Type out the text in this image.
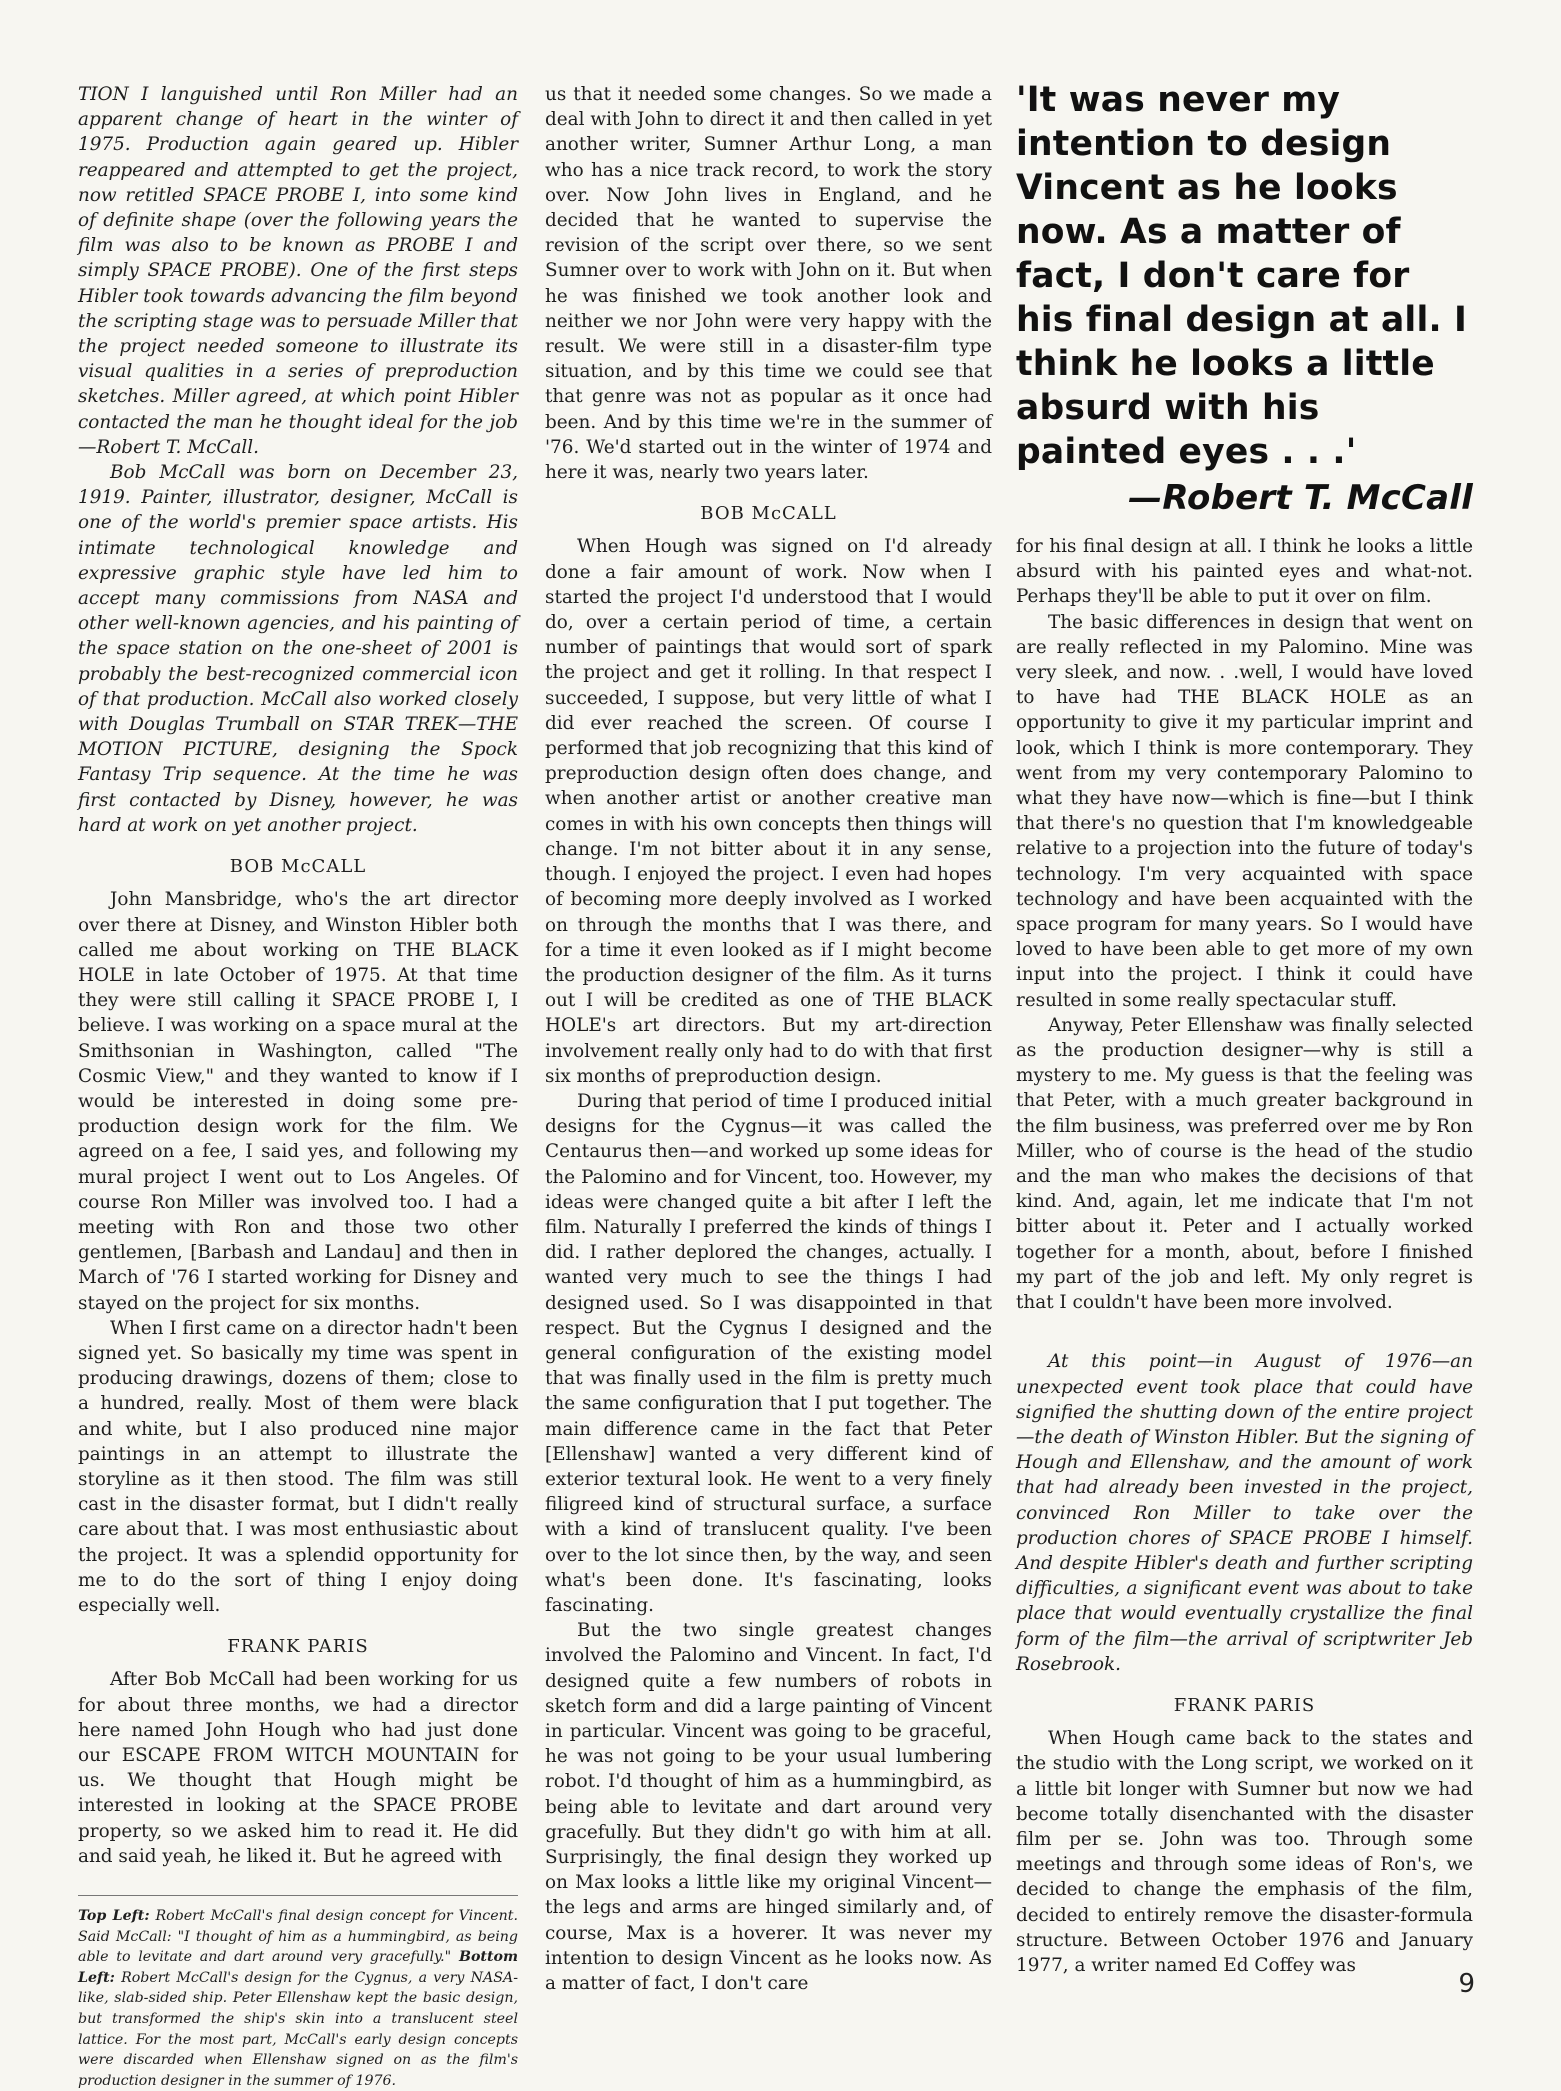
TION I languished until Ron Miller had an apparent change of heart in the winter of 1975. Production again geared up. Hibler reappeared and attempted to get the project, now retitled SPACE PROBE I, into some kind of definite shape (over the following years the film was also to be known as PROBE I and simply SPACE PROBE). One of the first steps Hibler took towards advancing the film beyond the scripting stage was to persuade Miller that the project needed someone to illustrate its visual qualities in a series of preproduction sketches. Miller agreed, at which point Hibler contacted the man he thought ideal for the job—Robert T. McCall.

Bob McCall was born on December 23, 1919. Painter, illustrator, designer, McCall is one of the world's premier space artists. His intimate technological knowledge and expressive graphic style have led him to accept many commissions from NASA and other well-known agencies, and his painting of the space station on the one-sheet of 2001 is probably the best-recognized commercial icon of that production. McCall also worked closely with Douglas Trumball on STAR TREK—THE MOTION PICTURE, designing the Spock Fantasy Trip sequence. At the time he was first contacted by Disney, however, he was hard at work on yet another project.

BOB McCALL

John Mansbridge, who's the art director over there at Disney, and Winston Hibler both called me about working on THE BLACK HOLE in late October of 1975. At that time they were still calling it SPACE PROBE I, I believe. I was working on a space mural at the Smithsonian in Washington, called "The Cosmic View," and they wanted to know if I would be interested in doing some pre-production design work for the film. We agreed on a fee, I said yes, and following my mural project I went out to Los Angeles. Of course Ron Miller was involved too. I had a meeting with Ron and those two other gentlemen, [Barbash and Landau] and then in March of '76 I started working for Disney and stayed on the project for six months.

When I first came on a director hadn't been signed yet. So basically my time was spent in producing drawings, dozens of them; close to a hundred, really. Most of them were black and white, but I also produced nine major paintings in an attempt to illustrate the storyline as it then stood. The film was still cast in the disaster format, but I didn't really care about that. I was most enthusiastic about the project. It was a splendid opportunity for me to do the sort of thing I enjoy doing especially well.

FRANK PARIS

After Bob McCall had been working for us for about three months, we had a director here named John Hough who had just done our ESCAPE FROM WITCH MOUNTAIN for us. We thought that Hough might be interested in looking at the SPACE PROBE property, so we asked him to read it. He did and said yeah, he liked it. But he agreed with

Top Left: Robert McCall's final design concept for Vincent. Said McCall: "I thought of him as a hummingbird, as being able to levitate and dart around very gracefully." Bottom Left: Robert McCall's design for the Cygnus, a very NASA-like, slab-sided ship. Peter Ellenshaw kept the basic design, but transformed the ship's skin into a translucent steel lattice. For the most part, McCall's early design concepts were discarded when Ellenshaw signed on as the film's production designer in the summer of 1976.

us that it needed some changes. So we made a deal with John to direct it and then called in yet another writer, Sumner Arthur Long, a man who has a nice track record, to work the story over. Now John lives in England, and he decided that he wanted to supervise the revision of the script over there, so we sent Sumner over to work with John on it. But when he was finished we took another look and neither we nor John were very happy with the result. We were still in a disaster-film type situation, and by this time we could see that that genre was not as popular as it once had been. And by this time we're in the summer of '76. We'd started out in the winter of 1974 and here it was, nearly two years later.

BOB McCALL

When Hough was signed on I'd already done a fair amount of work. Now when I started the project I'd understood that I would do, over a certain period of time, a certain number of paintings that would sort of spark the project and get it rolling. In that respect I succeeded, I suppose, but very little of what I did ever reached the screen. Of course I performed that job recognizing that this kind of preproduction design often does change, and when another artist or another creative man comes in with his own concepts then things will change. I'm not bitter about it in any sense, though. I enjoyed the project. I even had hopes of becoming more deeply involved as I worked on through the months that I was there, and for a time it even looked as if I might become the production designer of the film. As it turns out I will be credited as one of THE BLACK HOLE's art directors. But my art-direction involvement really only had to do with that first six months of preproduction design.

During that period of time I produced initial designs for the Cygnus—it was called the Centaurus then—and worked up some ideas for the Palomino and for Vincent, too. However, my ideas were changed quite a bit after I left the film. Naturally I preferred the kinds of things I did. I rather deplored the changes, actually. I wanted very much to see the things I had designed used. So I was disappointed in that respect. But the Cygnus I designed and the general configuration of the existing model that was finally used in the film is pretty much the same configuration that I put together. The main difference came in the fact that Peter [Ellenshaw] wanted a very different kind of exterior textural look. He went to a very finely filigreed kind of structural surface, a surface with a kind of translucent quality. I've been over to the lot since then, by the way, and seen what's been done. It's fascinating, looks fascinating.

But the two single greatest changes involved the Palomino and Vincent. In fact, I'd designed quite a few numbers of robots in sketch form and did a large painting of Vincent in particular. Vincent was going to be graceful, he was not going to be your usual lumbering robot. I'd thought of him as a hummingbird, as being able to levitate and dart around very gracefully. But they didn't go with him at all. Surprisingly, the final design they worked up on Max looks a little like my original Vincent—the legs and arms are hinged similarly and, of course, Max is a hoverer. It was never my intention to design Vincent as he looks now. As a matter of fact, I don't care

'It was never my intention to design Vincent as he looks now. As a matter of fact, I don't care for his final design at all. I think he looks a little absurd with his painted eyes . . .'
—Robert T. McCall

for his final design at all. I think he looks a little absurd with his painted eyes and what-not. Perhaps they'll be able to put it over on film.

The basic differences in design that went on are really reflected in my Palomino. Mine was very sleek, and now. . .well, I would have loved to have had THE BLACK HOLE as an opportunity to give it my particular imprint and look, which I think is more contemporary. They went from my very contemporary Palomino to what they have now—which is fine—but I think that there's no question that I'm knowledgeable relative to a projection into the future of today's technology. I'm very acquainted with space technology and have been acquainted with the space program for many years. So I would have loved to have been able to get more of my own input into the project. I think it could have resulted in some really spectacular stuff.

Anyway, Peter Ellenshaw was finally selected as the production designer—why is still a mystery to me. My guess is that the feeling was that Peter, with a much greater background in the film business, was preferred over me by Ron Miller, who of course is the head of the studio and the man who makes the decisions of that kind. And, again, let me indicate that I'm not bitter about it. Peter and I actually worked together for a month, about, before I finished my part of the job and left. My only regret is that I couldn't have been more involved.

At this point—in August of 1976—an unexpected event took place that could have signified the shutting down of the entire project—the death of Winston Hibler. But the signing of Hough and Ellenshaw, and the amount of work that had already been invested in the project, convinced Ron Miller to take over the production chores of SPACE PROBE I himself. And despite Hibler's death and further scripting difficulties, a significant event was about to take place that would eventually crystallize the final form of the film—the arrival of scriptwriter Jeb Rosebrook.

FRANK PARIS

When Hough came back to the states and the studio with the Long script, we worked on it a little bit longer with Sumner but now we had become totally disenchanted with the disaster film per se. John was too. Through some meetings and through some ideas of Ron's, we decided to change the emphasis of the film, decided to entirely remove the disaster-formula structure. Between October 1976 and January 1977, a writer named Ed Coffey was

9
